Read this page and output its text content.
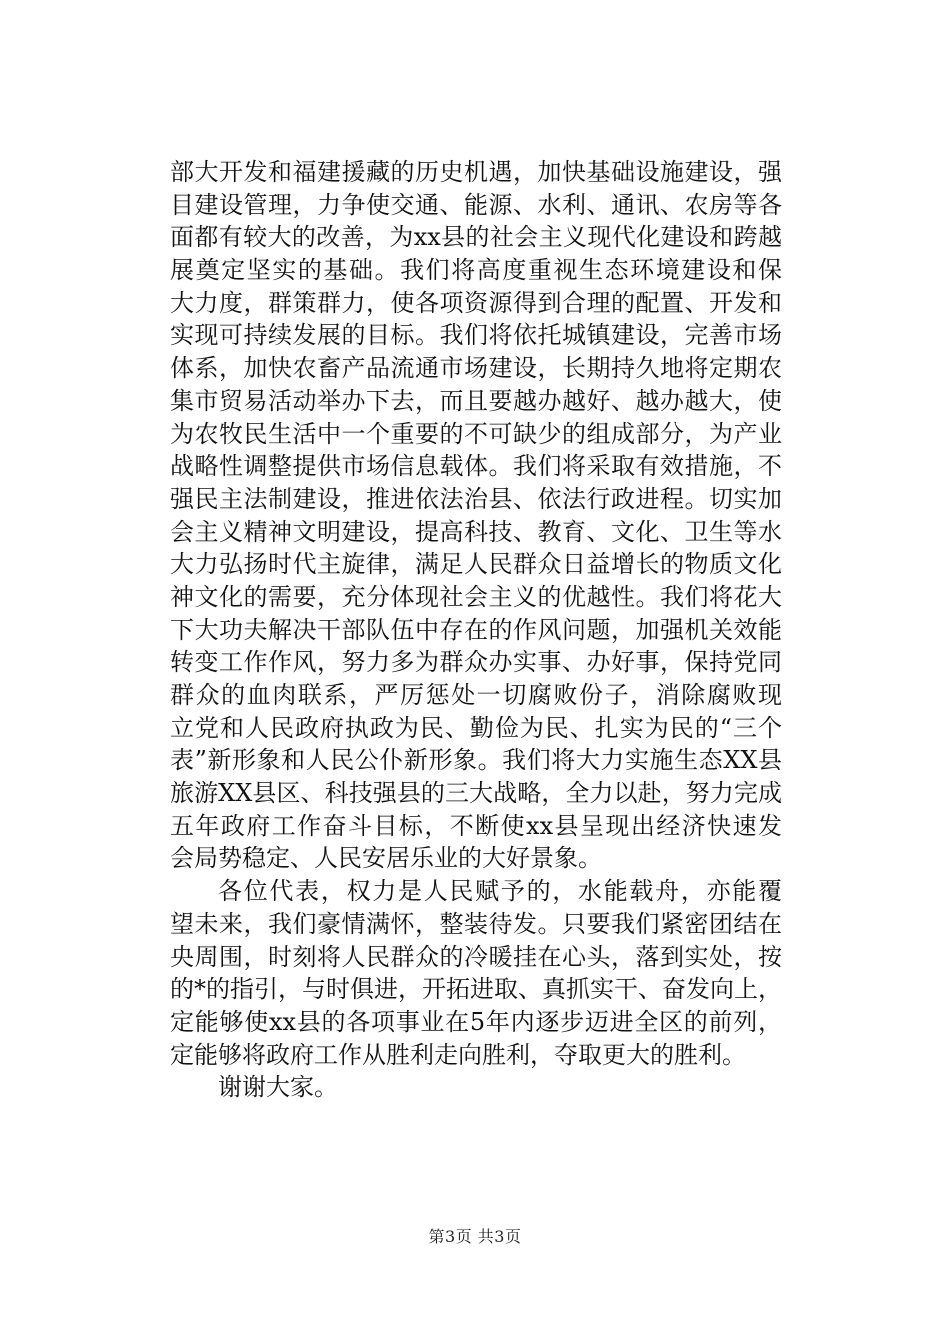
部大开发和福建援藏的历史机遇，加快基础设施建设，强
目建设管理，力争使交通、能源、水利、通讯、农房等各
面都有较大的改善，为xx县的社会主义现代化建设和跨越
展奠定坚实的基础。我们将高度重视生态环境建设和保
大力度，群策群力，使各项资源得到合理的配置、开发和
实现可持续发展的目标。我们将依托城镇建设，完善市场
体系，加快农畜产品流通市场建设，长期持久地将定期农
集市贸易活动举办下去，而且要越办越好、越办越大，使
为农牧民生活中一个重要的不可缺少的组成部分，为产业
战略性调整提供市场信息载体。我们将采取有效措施，不
强民主法制建设，推进依法治县、依法行政进程。切实加
会主义精神文明建设，提高科技、教育、文化、卫生等水
大力弘扬时代主旋律，满足人民群众日益增长的物质文化
神文化的需要，充分体现社会主义的优越性。我们将花大
下大功夫解决干部队伍中存在的作风问题，加强机关效能
转变工作作风，努力多为群众办实事、办好事，保持党同
群众的血肉联系，严厉惩处一切腐败份子，消除腐败现
立党和人民政府执政为民、勤俭为民、扎实为民的“三个
表”新形象和人民公仆新形象。我们将大力实施生态XX县
旅游XX县区、科技强县的三大战略，全力以赴，努力完成
五年政府工作奋斗目标，不断使xx县呈现出经济快速发
会局势稳定、人民安居乐业的大好景象。
各位代表，权力是人民赋予的，水能载舟，亦能覆
望未来，我们豪情满怀，整装待发。只要我们紧密团结在
央周围，时刻将人民群众的冷暖挂在心头，落到实处，按
的*的指引，与时俱进，开拓进取、真抓实干、奋发向上，
定能够使xx县的各项事业在5年内逐步迈进全区的前列，
定能够将政府工作从胜利走向胜利，夺取更大的胜利。
谢谢大家。
第3页 共3页
